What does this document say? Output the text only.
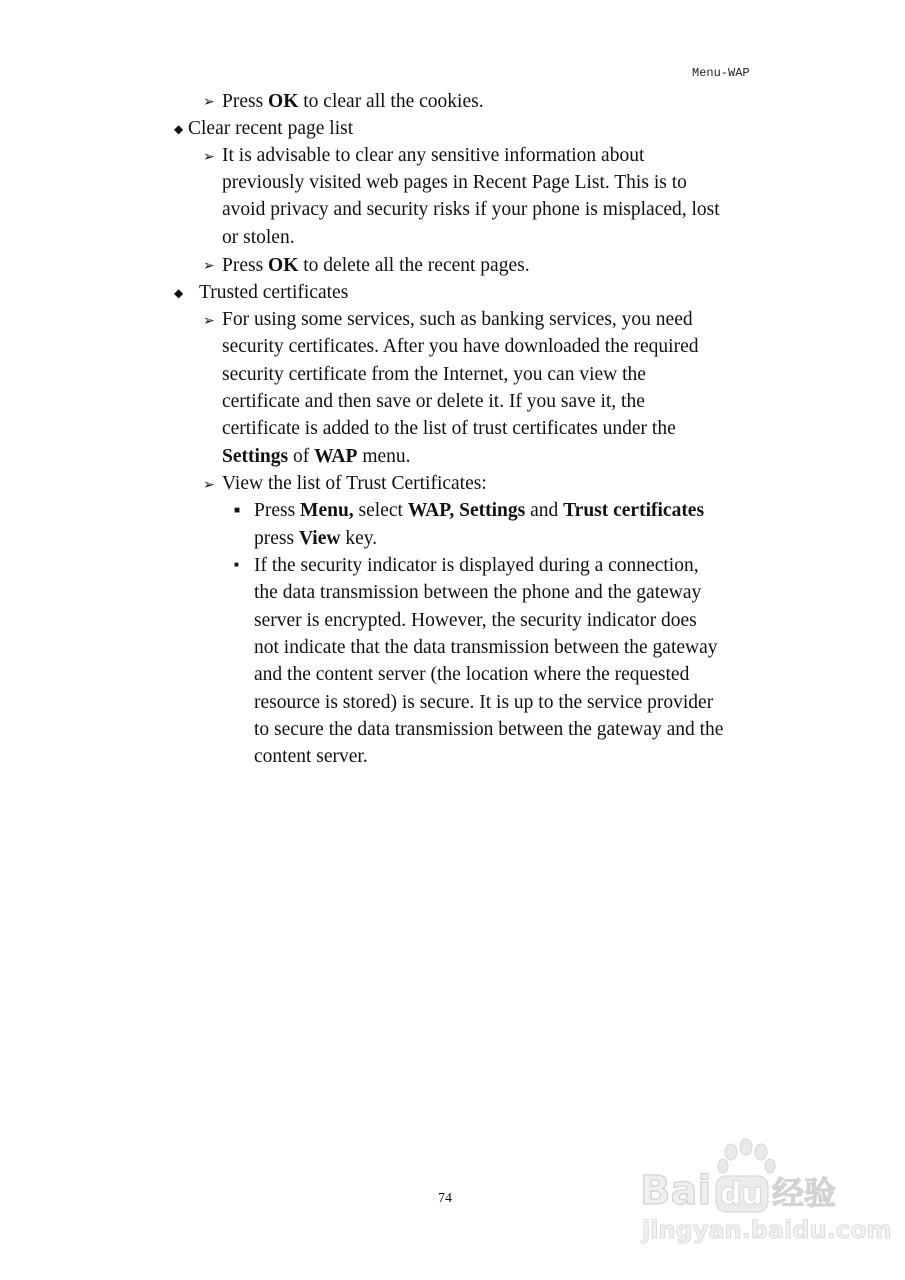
Menu-WAP
➢ Press OK to clear all the cookies.
◆ Clear recent page list
➢ It is advisable to clear any sensitive information about
previously visited web pages in Recent Page List. This is to
avoid privacy and security risks if your phone is misplaced, lost
or stolen.
➢ Press OK to delete all the recent pages.
◆ Trusted certificates
➢ For using some services, such as banking services, you need
security certificates. After you have downloaded the required
security certificate from the Internet, you can view the
certificate and then save or delete it. If you save it, the
certificate is added to the list of trust certificates under the
Settings of WAP menu.
➢ View the list of Trust Certificates:
■ Press Menu, select WAP, Settings and Trust certificates
press View key.
■ If the security indicator is displayed during a connection,
the data transmission between the phone and the gateway
server is encrypted. However, the security indicator does
not indicate that the data transmission between the gateway
and the content server (the location where the requested
resource is stored) is secure. It is up to the service provider
to secure the data transmission between the gateway and the
content server.
74	Bai du 经验
jingyan.baidu.com
